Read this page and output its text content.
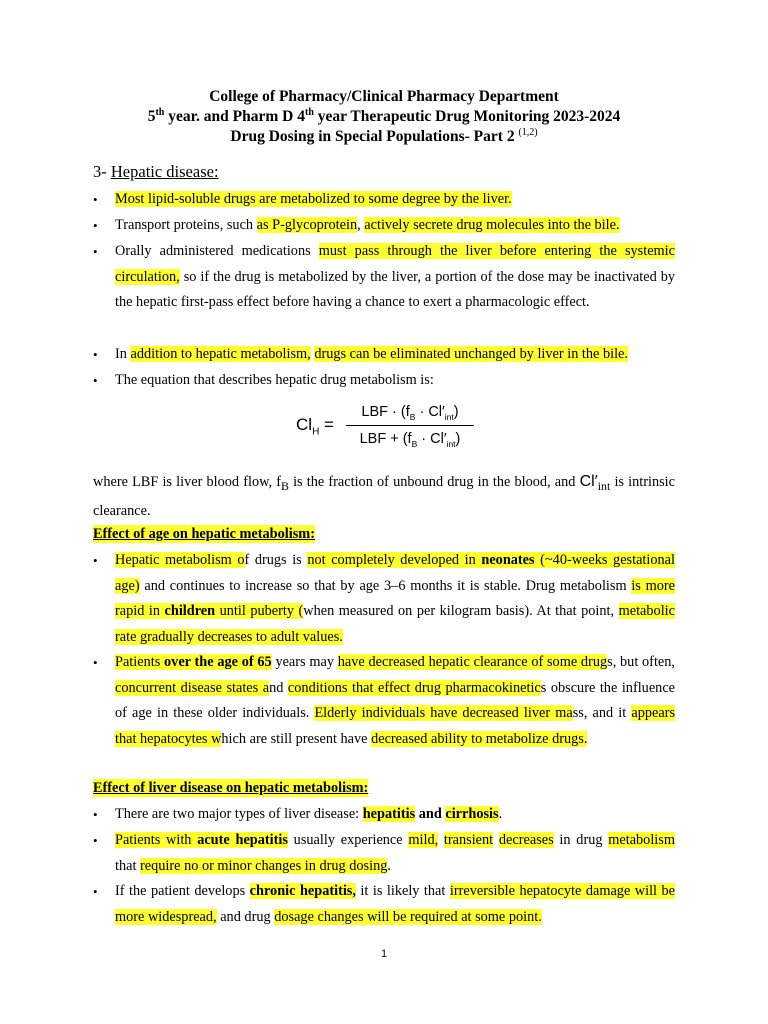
College of Pharmacy/Clinical Pharmacy Department
5th year. and Pharm D 4th year Therapeutic Drug Monitoring 2023-2024
Drug Dosing in Special Populations- Part 2 $^{(1,2)}$
3- Hepatic disease:
• Most lipid-soluble drugs are metabolized to some degree by the liver.
• Transport proteins, such as P-glycoprotein, actively secrete drug molecules into the bile.
• Orally administered medications must pass through the liver before entering the systemic circulation, so if the drug is metabolized by the liver, a portion of the dose may be inactivated by the hepatic first-pass effect before having a chance to exert a pharmacologic effect.
• In addition to hepatic metabolism, drugs can be eliminated unchanged by liver in the bile.
• The equation that describes hepatic drug metabolism is:
$Cl_H$ =
LBF · $(f_B \cdot Cl'_{int})$
LBF + $(f_B \cdot Cl'_{int})$
where LBF is liver blood flow, $f_B$ is the fraction of unbound drug in the blood, and $Cl'_{int}$ is intrinsic clearance.
Effect of age on hepatic metabolism:
• Hepatic metabolism of drugs is not completely developed in neonates (~40-weeks gestational age) and continues to increase so that by age 3–6 months it is stable. Drug metabolism is more rapid in children until puberty (when measured on per kilogram basis). At that point, metabolic rate gradually decreases to adult values.
• Patients over the age of 65 years may have decreased hepatic clearance of some drugs, but often, concurrent disease states and conditions that effect drug pharmacokinetics obscure the influence of age in these older individuals. Elderly individuals have decreased liver mass, and it appears that hepatocytes which are still present have decreased ability to metabolize drugs.
Effect of liver disease on hepatic metabolism:
• There are two major types of liver disease: hepatitis and cirrhosis.
• Patients with acute hepatitis usually experience mild, transient decreases in drug metabolism that require no or minor changes in drug dosing.
• If the patient develops chronic hepatitis, it is likely that irreversible hepatocyte damage will be more widespread, and drug dosage changes will be required at some point.
1
